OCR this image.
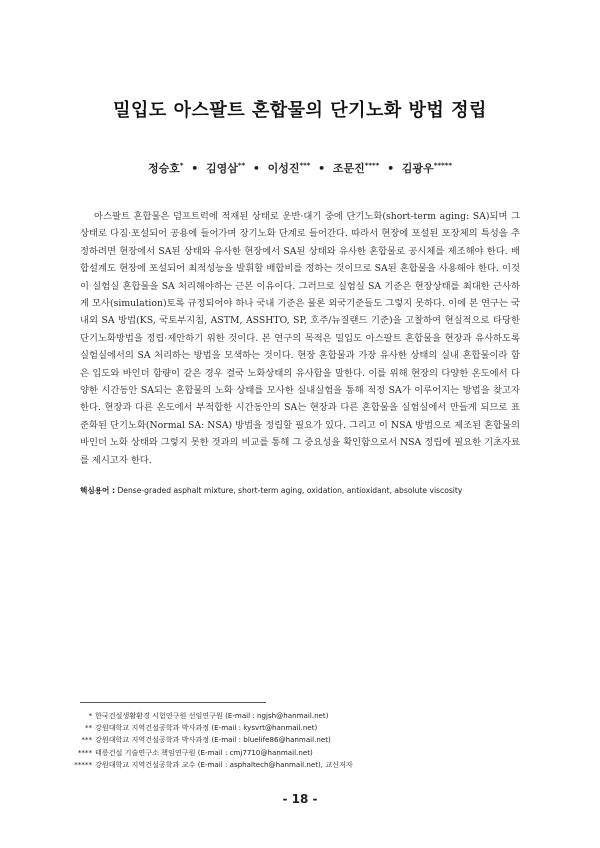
밀입도 아스팔트 혼합물의 단기노화 방법 정립
정승호*  •  김영삼**  •  이성진***  •  조문진****  •  김광우*****

아스팔트 혼합물은 덤프트럭에 적재된 상태로 운반·대기 중에 단기노화(short-term aging: SA)되며 그 상태로 다짐·포설되어 공용에 들어가며 장기노화 단계로 들어간다. 따라서 현장에 포설된 포장체의 특성을 추정하려면 현장에서 SA된 상태와 유사한 현장에서 SA된 상태와 유사한 혼합물로 공시체를 제조해야 한다. 배합설계도 현장에 포설되어 최적성능을 발휘할 배합비를 정하는 것이므로 SA된 혼합물을 사용해야 한다. 이것이 실험실 혼합물을 SA 처리해야하는 근본 이유이다. 그러므로 실험실 SA 기준은 현장상태를 최대한 근사하게 모사(simulation)토록 규정되어야 하나 국내 기준은 물론 외국기준들도 그렇지 못하다. 이에 본 연구는 국내외 SA 방법(KS, 국토부지침, ASTM, ASSHTO, SP, 호주/뉴질랜드 기준)을 고찰하여 현실적으로 타당한 단기노화방법을 정립·제안하기 위한 것이다. 본 연구의 목적은 밀입도 아스팔트 혼합물을 현장과 유사하도록 실험실에서의 SA 처리하는 방법을 모색하는 것이다. 현장 혼합물과 가장 유사한 상태의 실내 혼합물이라 함은 입도와 바인더 함량이 같은 경우 결국 노화상태의 유사함을 말한다. 이를 위해 현장의 다양한 온도에서 다양한 시간동안 SA되는 혼합물의 노화 상태를 모사한 실내실험을 통해 적정 SA가 이루어지는 방법을 찾고자 한다. 현장과 다른 온도에서 부적합한 시간동안의 SA는 현장과 다른 혼합물을 실험실에서 만들게 되므로 표준화된 단기노화(Normal SA: NSA) 방법을 정립할 필요가 있다. 그리고 이 NSA 방법으로 제조된 혼합물의 바인더 노화 상태와 그렇지 못한 것과의 비교를 통해 그 중요성을 확인함으로서 NSA 정립에 필요한 기초자료를 제시고자 한다.

핵심용어 : Dense-graded asphalt mixture, short-term aging, oxidation, antioxidant, absolute viscosity
* 한국건설생활환경 시험연구원 선임연구원 (E-mail : ngjsh@hanmail.net)
** 강원대학교 지역건설공학과 박사과정 (E-mail : kysvrt@hanmail.net)
*** 강원대학교 지역건설공학과 박사과정 (E-mail : bluelife86@hanmail.net)
**** 태릉건설 기술연구소 책임연구원 (E-mail : cmj7710@hanmail.net)
***** 강원대학교 지역건설공학과 교수 (E-mail : asphaltech@hanmail.net), 교신저자
- 18 -
